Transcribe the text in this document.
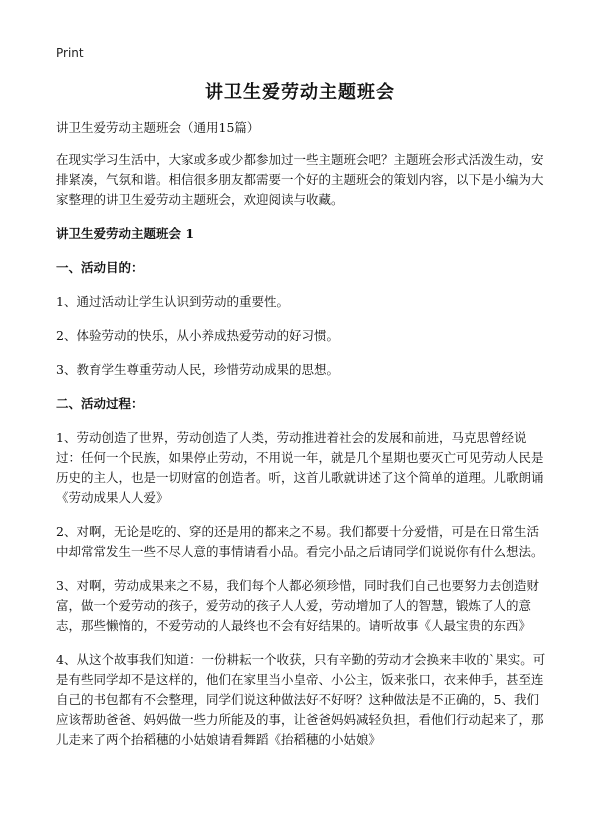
Print
讲卫生爱劳动主题班会

讲卫生爱劳动主题班会（通用15篇）

在现实学习生活中，大家或多或少都参加过一些主题班会吧？主题班会形式活泼生动，安排紧凑，气氛和谐。相信很多朋友都需要一个好的主题班会的策划内容，以下是小编为大家整理的讲卫生爱劳动主题班会，欢迎阅读与收藏。

讲卫生爱劳动主题班会 1

一、活动目的：

1、通过活动让学生认识到劳动的重要性。

2、体验劳动的快乐，从小养成热爱劳动的好习惯。

3、教育学生尊重劳动人民，珍惜劳动成果的思想。

二、活动过程：

1、劳动创造了世界，劳动创造了人类，劳动推进着社会的发展和前进，马克思曾经说过：任何一个民族，如果停止劳动，不用说一年，就是几个星期也要灭亡可见劳动人民是历史的主人，也是一切财富的创造者。听，这首儿歌就讲述了这个简单的道理。儿歌朗诵《劳动成果人人爱》

2、对啊，无论是吃的、穿的还是用的都来之不易。我们都要十分爱惜，可是在日常生活中却常常发生一些不尽人意的事情请看小品。看完小品之后请同学们说说你有什么想法。

3、对啊，劳动成果来之不易，我们每个人都必须珍惜，同时我们自己也要努力去创造财富，做一个爱劳动的孩子，爱劳动的孩子人人爱，劳动增加了人的智慧，锻炼了人的意志，那些懒惰的，不爱劳动的人最终也不会有好结果的。请听故事《人最宝贵的东西》

4、从这个故事我们知道：一份耕耘一个收获，只有辛勤的劳动才会换来丰收的`果实。可是有些同学却不是这样的，他们在家里当小皇帝、小公主，饭来张口，衣来伸手，甚至连自己的书包都有不会整理，同学们说这种做法好不好呀？这种做法是不正确的，5、我们应该帮助爸爸、妈妈做一些力所能及的事，让爸爸妈妈减轻负担，看他们行动起来了，那儿走来了两个抬稻穗的小姑娘请看舞蹈《抬稻穗的小姑娘》
